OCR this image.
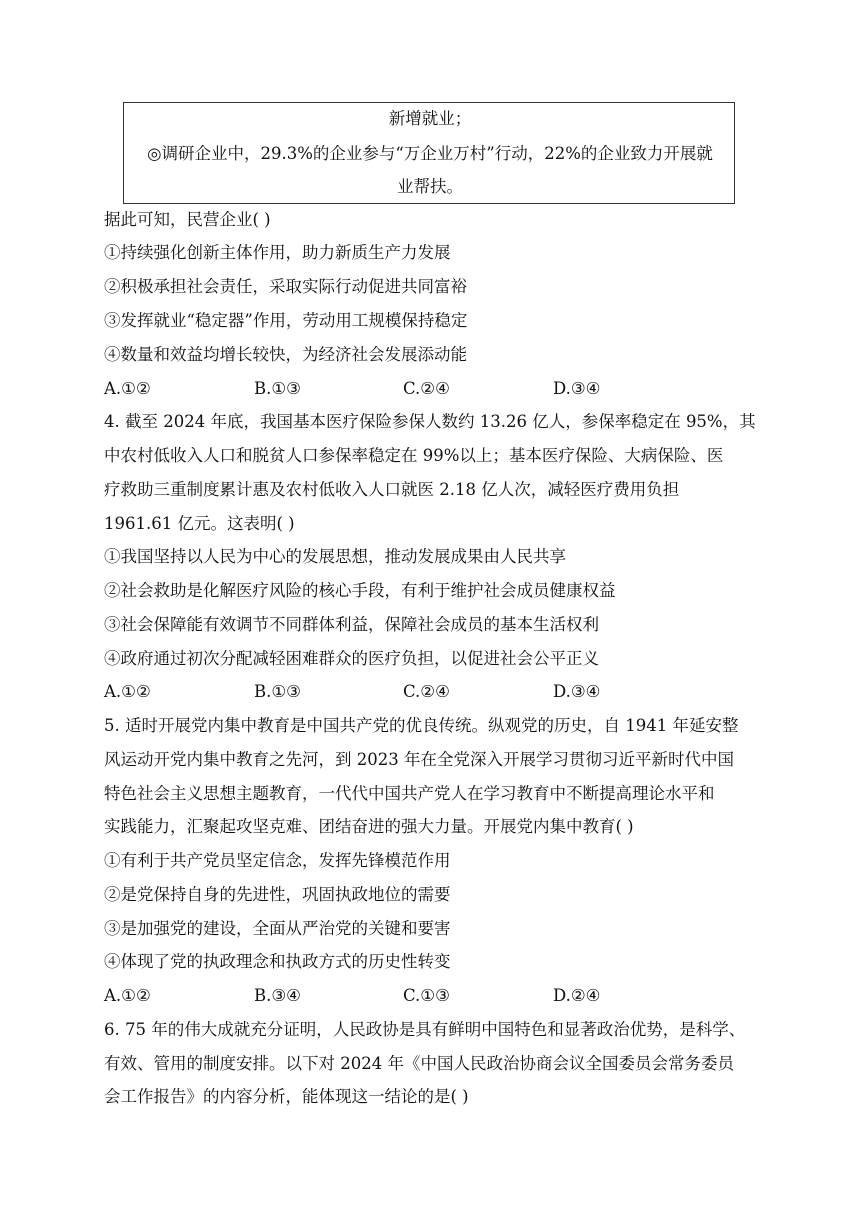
新增就业；
◎调研企业中，29.3%的企业参与“万企业万村”行动，22%的企业致力开展就
业帮扶。
据此可知，民营企业( )
①持续强化创新主体作用，助力新质生产力发展
②积极承担社会责任，采取实际行动促进共同富裕
③发挥就业“稳定器”作用，劳动用工规模保持稳定
④数量和效益均增长较快，为经济社会发展添动能
A.①②	B.①③	C.②④	D.③④
4. 截至 2024 年底，我国基本医疗保险参保人数约 13.26 亿人，参保率稳定在 95%，其
中农村低收入人口和脱贫人口参保率稳定在 99%以上；基本医疗保险、大病保险、医
疗救助三重制度累计惠及农村低收入人口就医 2.18 亿人次，减轻医疗费用负担
1961.61 亿元。这表明( )
①我国坚持以人民为中心的发展思想，推动发展成果由人民共享
②社会救助是化解医疗风险的核心手段，有利于维护社会成员健康权益
③社会保障能有效调节不同群体利益，保障社会成员的基本生活权利
④政府通过初次分配减轻困难群众的医疗负担，以促进社会公平正义
A.①②	B.①③	C.②④	D.③④
5. 适时开展党内集中教育是中国共产党的优良传统。纵观党的历史，自 1941 年延安整
风运动开党内集中教育之先河，到 2023 年在全党深入开展学习贯彻习近平新时代中国
特色社会主义思想主题教育，一代代中国共产党人在学习教育中不断提高理论水平和
实践能力，汇聚起攻坚克难、团结奋进的强大力量。开展党内集中教育( )
①有利于共产党员坚定信念，发挥先锋模范作用
②是党保持自身的先进性，巩固执政地位的需要
③是加强党的建设，全面从严治党的关键和要害
④体现了党的执政理念和执政方式的历史性转变
A.①②	B.③④	C.①③	D.②④
6. 75 年的伟大成就充分证明，人民政协是具有鲜明中国特色和显著政治优势，是科学、
有效、管用的制度安排。以下对 2024 年《中国人民政治协商会议全国委员会常务委员
会工作报告》的内容分析，能体现这一结论的是( )
